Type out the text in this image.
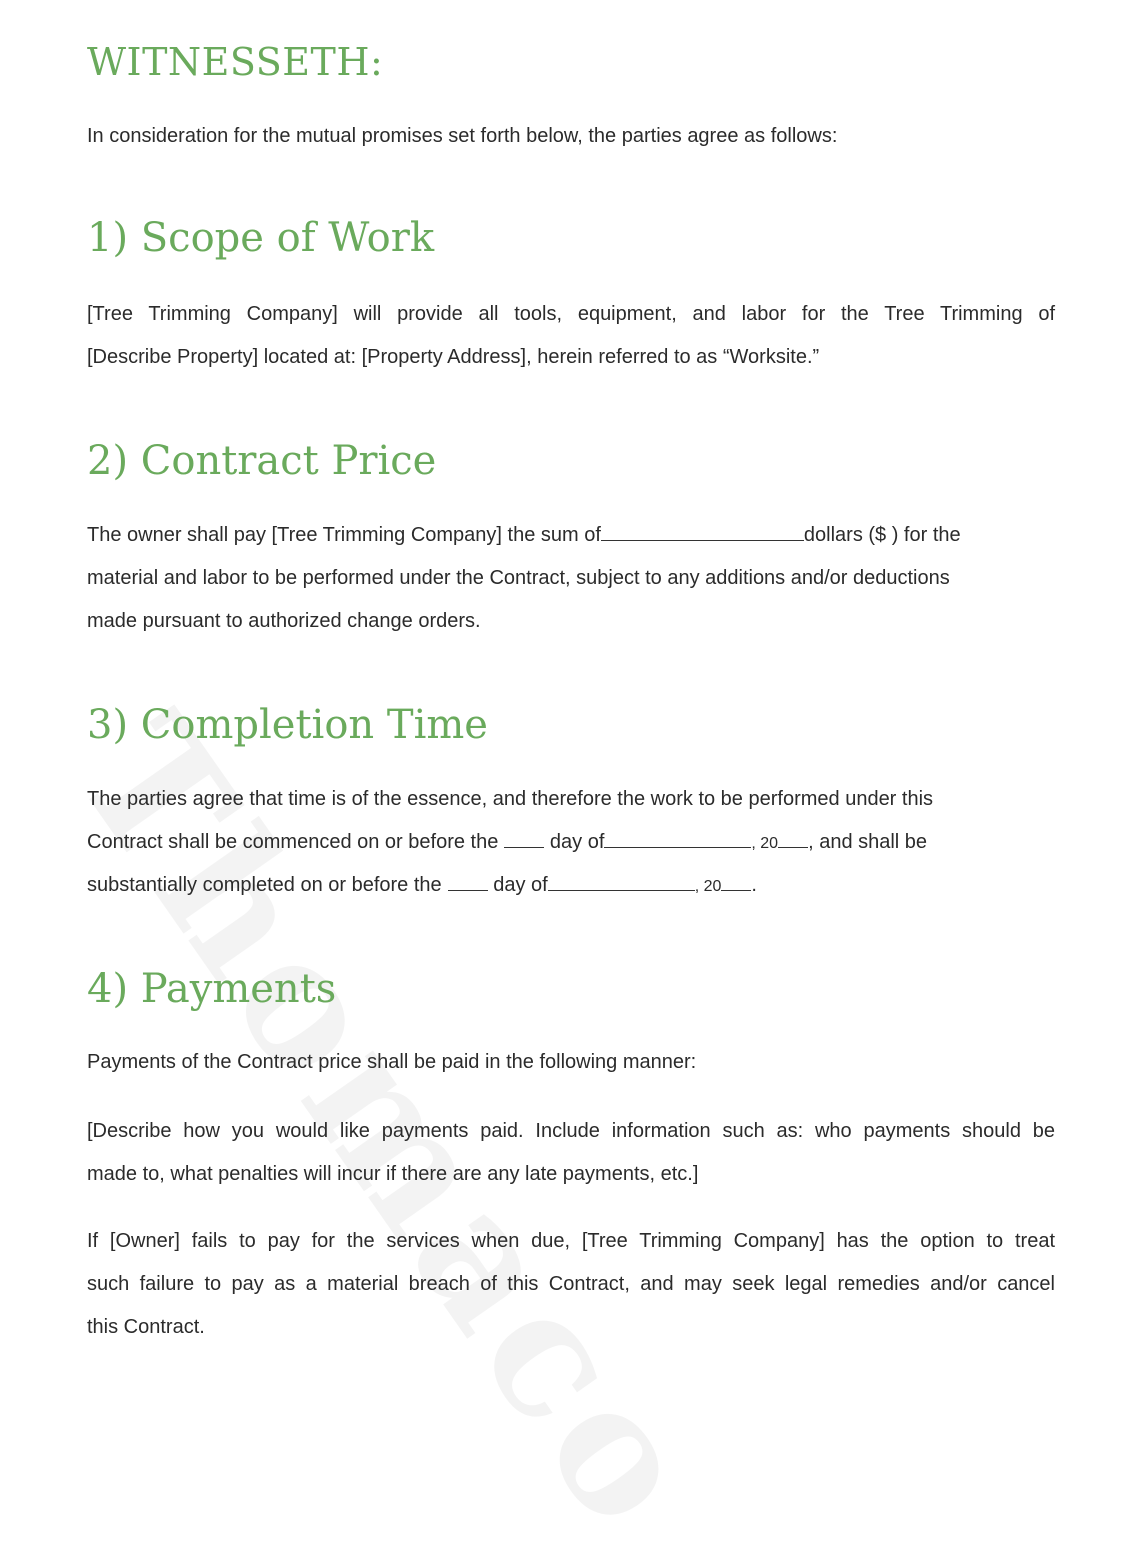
WITNESSETH:
In consideration for the mutual promises set forth below, the parties agree as follows:
1) Scope of Work
[Tree Trimming Company] will provide all tools, equipment, and labor for the Tree Trimming of
[Describe Property] located at: [Property Address], herein referred to as “Worksite.”
2) Contract Price
The owner shall pay [Tree Trimming Company] the sum of	dollars ($ ) for the
material and labor to be performed under the Contract, subject to any additions and/or deductions
made pursuant to authorized change orders.
3) Completion Time
The parties agree that time is of the essence, and therefore the work to be performed under this
Contract shall be commenced on or before the	day of	, 20 , and shall be
substantially completed on or before the	day of	, 20 .
4) Payments
Payments of the Contract price shall be paid in the following manner:
[Describe how you would like payments paid. Include information such as: who payments should be
made to, what penalties will incur if there are any late payments, etc.]
If [Owner] fails to pay for the services when due, [Tree Trimming Company] has the option to treat
such failure to pay as a material breach of this Contract, and may seek legal remedies and/or cancel
this Contract.
